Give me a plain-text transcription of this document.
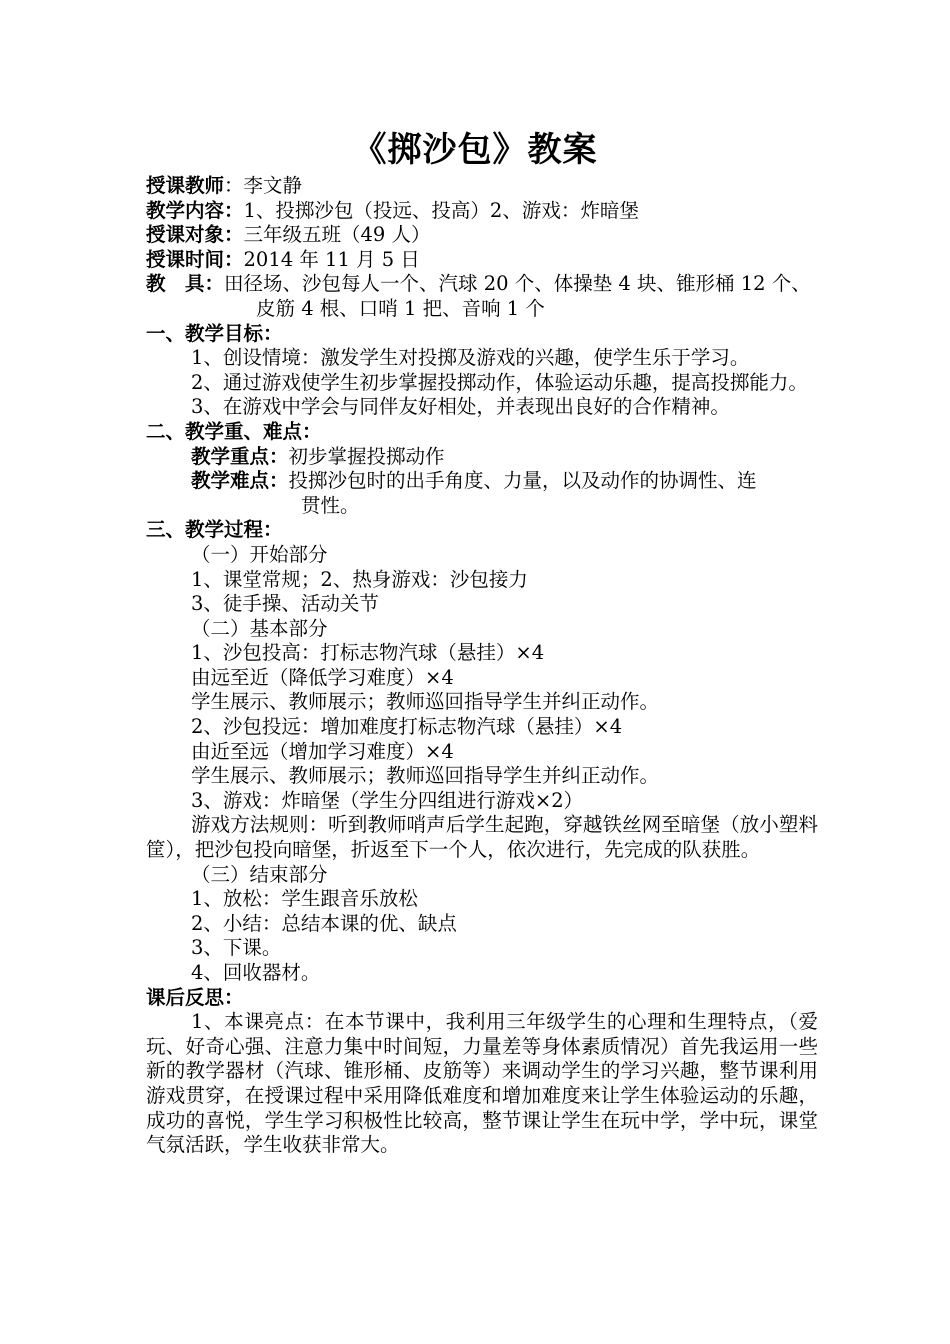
《掷沙包》教案
授课教师：李文静
教学内容：1、投掷沙包（投远、投高）2、游戏：炸暗堡
授课对象：三年级五班（49 人）
授课时间：2014 年 11 月 5 日
教　具：田径场、沙包每人一个、汽球 20 个、体操垫 4 块、锥形桶 12 个、
皮筋 4 根、口哨 1 把、音响 1 个
一、教学目标：
1、创设情境：激发学生对投掷及游戏的兴趣，使学生乐于学习。
2、通过游戏使学生初步掌握投掷动作，体验运动乐趣，提高投掷能力。
3、在游戏中学会与同伴友好相处，并表现出良好的合作精神。
二、教学重、难点：
教学重点：初步掌握投掷动作
教学难点：投掷沙包时的出手角度、力量，以及动作的协调性、连
贯性。
三、教学过程：
（一）开始部分
1、课堂常规；2、热身游戏：沙包接力
3、徒手操、活动关节
（二）基本部分
1、沙包投高：打标志物汽球（悬挂）×4
由远至近（降低学习难度）×4
学生展示、教师展示；教师巡回指导学生并纠正动作。
2、沙包投远：增加难度打标志物汽球（悬挂）×4
由近至远（增加学习难度）×4
学生展示、教师展示；教师巡回指导学生并纠正动作。
3、游戏：炸暗堡（学生分四组进行游戏×2）
游戏方法规则：听到教师哨声后学生起跑，穿越铁丝网至暗堡（放小塑料筐），把沙包投向暗堡，折返至下一个人，依次进行，先完成的队获胜。
（三）结束部分
1、放松：学生跟音乐放松
2、小结：总结本课的优、缺点
3、下课。
4、回收器材。
课后反思：
1、本课亮点：在本节课中，我利用三年级学生的心理和生理特点，（爱玩、好奇心强、注意力集中时间短，力量差等身体素质情况）首先我运用一些新的教学器材（汽球、锥形桶、皮筋等）来调动学生的学习兴趣，整节课利用游戏贯穿，在授课过程中采用降低难度和增加难度来让学生体验运动的乐趣，成功的喜悦，学生学习积极性比较高，整节课让学生在玩中学，学中玩，课堂气氛活跃，学生收获非常大。
